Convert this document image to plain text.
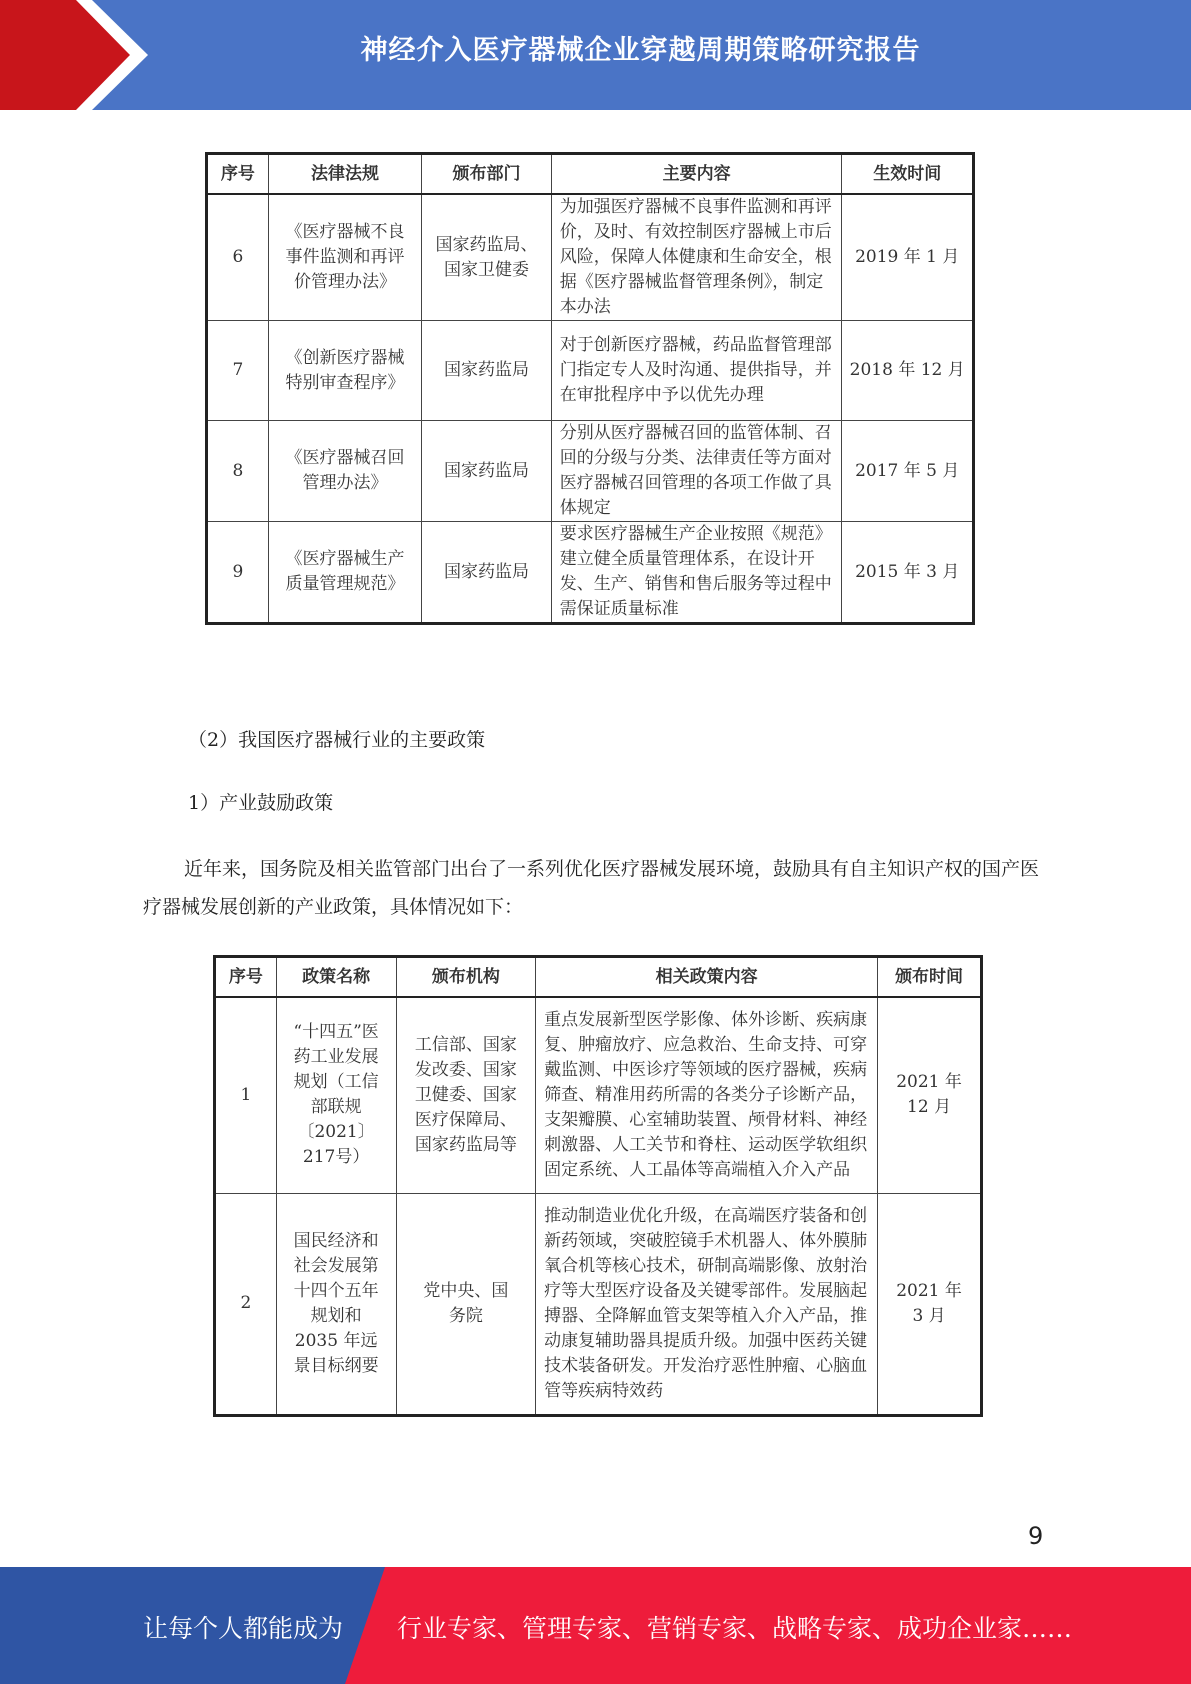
神经介入医疗器械企业穿越周期策略研究报告
序号	法律法规	颁布部门	主要内容	生效时间
6	《医疗器械不良事件监测和再评价管理办法》	国家药监局、国家卫健委	为加强医疗器械不良事件监测和再评价，及时、有效控制医疗器械上市后风险，保障人体健康和生命安全，根据《医疗器械监督管理条例》，制定本办法	2019 年 1 月
7	《创新医疗器械特别审查程序》	国家药监局	对于创新医疗器械，药品监督管理部门指定专人及时沟通、提供指导，并在审批程序中予以优先办理	2018 年 12 月
8	《医疗器械召回管理办法》	国家药监局	分别从医疗器械召回的监管体制、召回的分级与分类、法律责任等方面对医疗器械召回管理的各项工作做了具体规定	2017 年 5 月
9	《医疗器械生产质量管理规范》	国家药监局	要求医疗器械生产企业按照《规范》建立健全质量管理体系，在设计开发、生产、销售和售后服务等过程中需保证质量标准	2015 年 3 月
（2）我国医疗器械行业的主要政策
1）产业鼓励政策
近年来，国务院及相关监管部门出台了一系列优化医疗器械发展环境，鼓励具有自主知识产权的国产医疗器械发展创新的产业政策，具体情况如下：
序号	政策名称	颁布机构	相关政策内容	颁布时间
1	“十四五”医药工业发展规划（工信部联规〔2021〕217号）	工信部、国家发改委、国家卫健委、国家医疗保障局、国家药监局等	重点发展新型医学影像、体外诊断、疾病康复、肿瘤放疗、应急救治、生命支持、可穿戴监测、中医诊疗等领域的医疗器械，疾病筛查、精准用药所需的各类分子诊断产品，支架瓣膜、心室辅助装置、颅骨材料、神经刺激器、人工关节和脊柱、运动医学软组织固定系统、人工晶体等高端植入介入产品	2021 年 12 月
2	国民经济和社会发展第十四个五年规划和 2035 年远景目标纲要	党中央、国务院	推动制造业优化升级，在高端医疗装备和创新药领域，突破腔镜手术机器人、体外膜肺氧合机等核心技术，研制高端影像、放射治疗等大型医疗设备及关键零部件。发展脑起搏器、全降解血管支架等植入介入产品，推动康复辅助器具提质升级。加强中医药关键技术装备研发。开发治疗恶性肿瘤、心脑血管等疾病特效药	2021 年 3 月
9
让每个人都能成为 行业专家、管理专家、营销专家、战略专家、成功企业家……
